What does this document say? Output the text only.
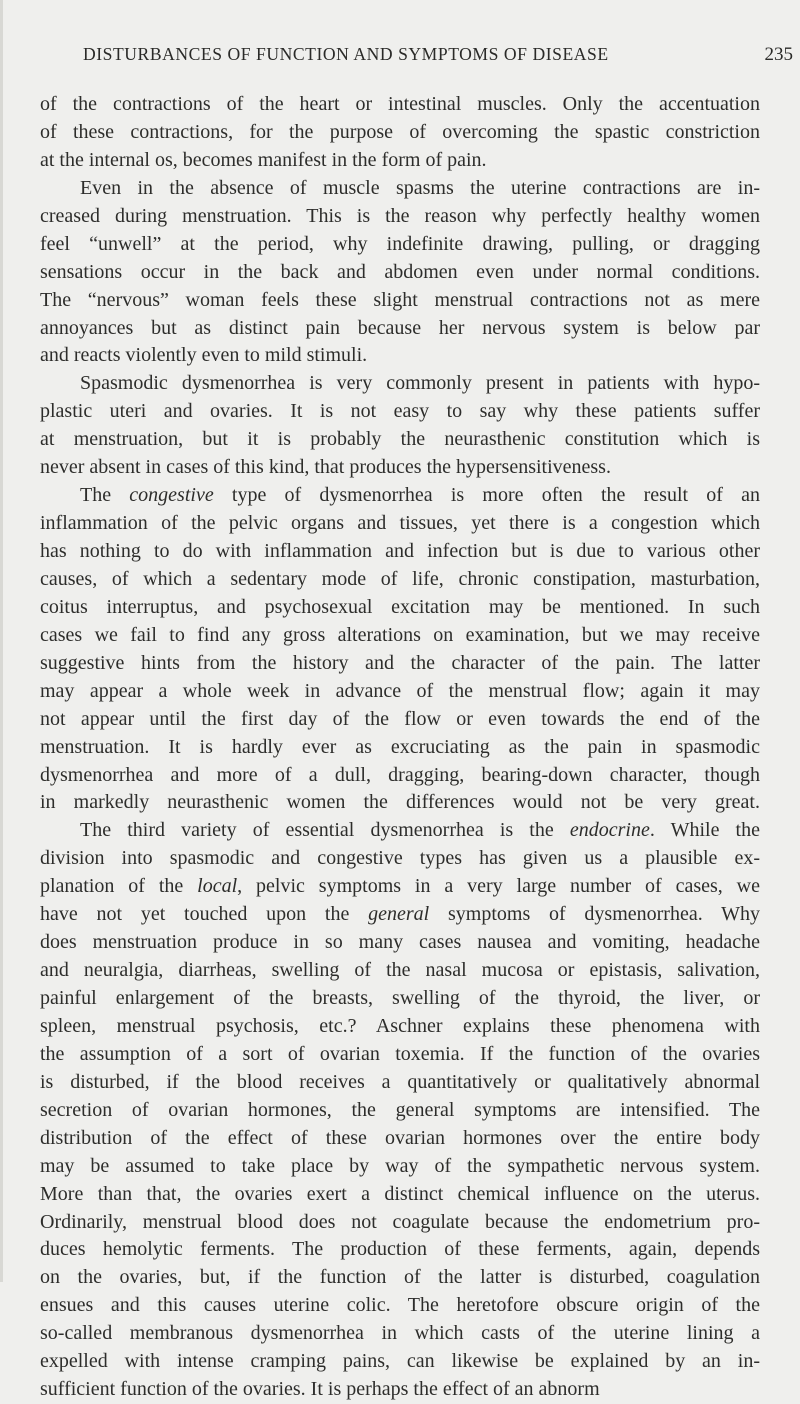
DISTURBANCES OF FUNCTION AND SYMPTOMS OF DISEASE	235
of the contractions of the heart or intestinal muscles. Only the accentuation
of these contractions, for the purpose of overcoming the spastic constriction
at the internal os, becomes manifest in the form of pain.
Even in the absence of muscle spasms the uterine contractions are in-
creased during menstruation. This is the reason why perfectly healthy women
feel “unwell” at the period, why indefinite drawing, pulling, or dragging
sensations occur in the back and abdomen even under normal conditions.
The “nervous” woman feels these slight menstrual contractions not as mere
annoyances but as distinct pain because her nervous system is below par
and reacts violently even to mild stimuli.
Spasmodic dysmenorrhea is very commonly present in patients with hypo-
plastic uteri and ovaries. It is not easy to say why these patients suffer
at menstruation, but it is probably the neurasthenic constitution which is
never absent in cases of this kind, that produces the hypersensitiveness.
The congestive type of dysmenorrhea is more often the result of an
inflammation of the pelvic organs and tissues, yet there is a congestion which
has nothing to do with inflammation and infection but is due to various other
causes, of which a sedentary mode of life, chronic constipation, masturbation,
coitus interruptus, and psychosexual excitation may be mentioned. In such
cases we fail to find any gross alterations on examination, but we may receive
suggestive hints from the history and the character of the pain. The latter
may appear a whole week in advance of the menstrual flow; again it may
not appear until the first day of the flow or even towards the end of the
menstruation. It is hardly ever as excruciating as the pain in spasmodic
dysmenorrhea and more of a dull, dragging, bearing-down character, though
in markedly neurasthenic women the differences would not be very great.
The third variety of essential dysmenorrhea is the endocrine. While the
division into spasmodic and congestive types has given us a plausible ex-
planation of the local, pelvic symptoms in a very large number of cases, we
have not yet touched upon the general symptoms of dysmenorrhea. Why
does menstruation produce in so many cases nausea and vomiting, headache
and neuralgia, diarrheas, swelling of the nasal mucosa or epistasis, salivation,
painful enlargement of the breasts, swelling of the thyroid, the liver, or
spleen, menstrual psychosis, etc.? Aschner explains these phenomena with
the assumption of a sort of ovarian toxemia. If the function of the ovaries
is disturbed, if the blood receives a quantitatively or qualitatively abnormal
secretion of ovarian hormones, the general symptoms are intensified. The
distribution of the effect of these ovarian hormones over the entire body
may be assumed to take place by way of the sympathetic nervous system.
More than that, the ovaries exert a distinct chemical influence on the uterus.
Ordinarily, menstrual blood does not coagulate because the endometrium pro-
duces hemolytic ferments. The production of these ferments, again, depends
on the ovaries, but, if the function of the latter is disturbed, coagulation
ensues and this causes uterine colic. The heretofore obscure origin of the
so-called membranous dysmenorrhea in which casts of the uterine lining a
expelled with intense cramping pains, can likewise be explained by an in-
sufficient function of the ovaries. It is perhaps the effect of an abnorm
